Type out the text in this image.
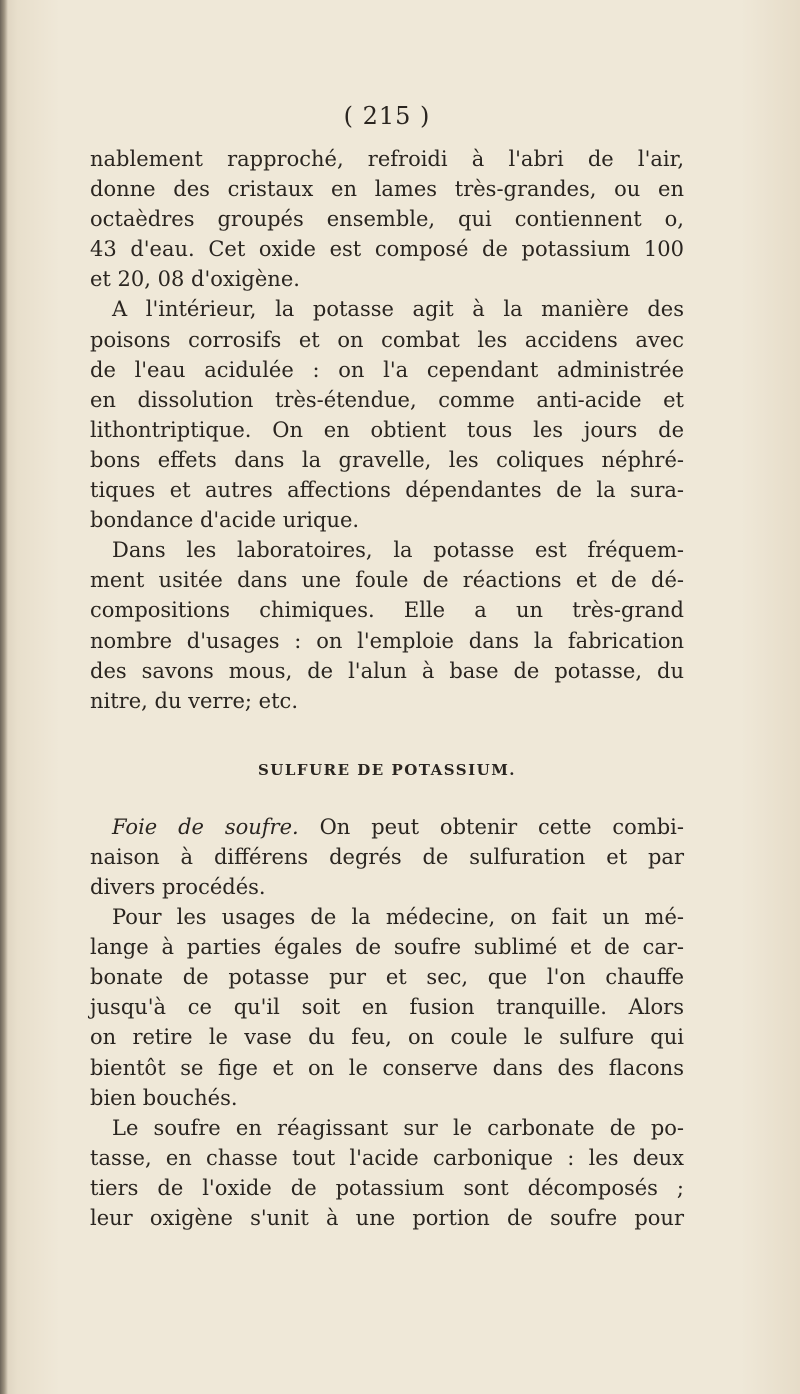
( 215 )

nablement rapproché, refroidi à l'abri de l'air,
donne des cristaux en lames très-grandes, ou en
octaèdres groupés ensemble, qui contiennent o,
43 d'eau. Cet oxide est composé de potassium 100
et 20, 08 d'oxigène.

A l'intérieur, la potasse agit à la manière des
poisons corrosifs et on combat les accidens avec
de l'eau acidulée : on l'a cependant administrée
en dissolution très-étendue, comme anti-acide et
lithontriptique. On en obtient tous les jours de
bons effets dans la gravelle, les coliques néphré-
tiques et autres affections dépendantes de la sura-
bondance d'acide urique.

Dans les laboratoires, la potasse est fréquem-
ment usitée dans une foule de réactions et de dé-
compositions chimiques. Elle a un très-grand
nombre d'usages : on l'emploie dans la fabrication
des savons mous, de l'alun à base de potasse, du
nitre, du verre; etc.

SULFURE DE POTASSIUM.

Foie de soufre. On peut obtenir cette combi-
naison à différens degrés de sulfuration et par
divers procédés.

Pour les usages de la médecine, on fait un mé-
lange à parties égales de soufre sublimé et de car-
bonate de potasse pur et sec, que l'on chauffe
jusqu'à ce qu'il soit en fusion tranquille. Alors
on retire le vase du feu, on coule le sulfure qui
bientôt se fige et on le conserve dans des flacons
bien bouchés.

Le soufre en réagissant sur le carbonate de po-
tasse, en chasse tout l'acide carbonique : les deux
tiers de l'oxide de potassium sont décomposés ;
leur oxigène s'unit à une portion de soufre pour
